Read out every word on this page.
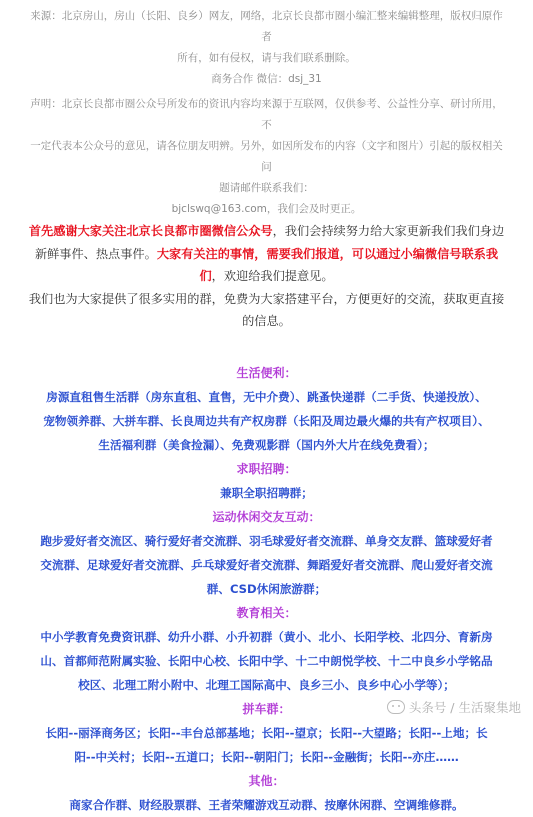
来源：北京房山，房山（长阳、良乡）网友，网络，北京长良都市圈小编汇整来编辑整理，版权归原作者

所有，如有侵权，请与我们联系删除。

商务合作 微信：dsj_31

声明：北京长良都市圈公众号所发布的资讯内容均来源于互联网，仅供参考、公益性分享、研讨所用，不

一定代表本公众号的意见，请各位朋友明辨。另外，如因所发布的内容（文字和图片）引起的版权相关问

题请邮件联系我们：

bjclswq@163.com，我们会及时更正。

首先感谢大家关注北京长良都市圈微信公众号，我们会持续努力给大家更新我们我们身边

新鲜事件、热点事件。大家有关注的事情，需要我们报道，可以通过小编微信号联系我

们，欢迎给我们提意见。

我们也为大家提供了很多实用的群，免费为大家搭建平台，方便更好的交流，获取更直接

的信息。

生活便利：

房源直租售生活群（房东直租、直售，无中介费）、跳蚤快递群（二手货、快递投放）、

宠物领养群、大拼车群、长良周边共有产权房群（长阳及周边最火爆的共有产权项目）、

生活福利群（美食捡漏）、免费观影群（国内外大片在线免费看）；

求职招聘：

兼职全职招聘群；

运动休闲交友互动：

跑步爱好者交流区、骑行爱好者交流群、羽毛球爱好者交流群、单身交友群、篮球爱好者

交流群、足球爱好者交流群、乒乓球爱好者交流群、舞蹈爱好者交流群、爬山爱好者交流

群、CSD休闲旅游群；

教育相关：

中小学教育免费资讯群、幼升小群、小升初群（黄小、北小、长阳学校、北四分、育新房

山、首都师范附属实验、长阳中心校、长阳中学、十二中朗悦学校、十二中良乡小学铭品

校区、北理工附小附中、北理工国际高中、良乡三小、良乡中心小学等）；

拼车群：

长阳--丽泽商务区；长阳--丰台总部基地；长阳--望京；长阳--大望路；长阳--上地；长

阳--中关村；长阳--五道口；长阳--朝阳门；长阳--金融街；长阳--亦庄……

其他：

商家合作群、财经股票群、王者荣耀游戏互动群、按摩休闲群、空调维修群。

头条号 / 生活聚集地
